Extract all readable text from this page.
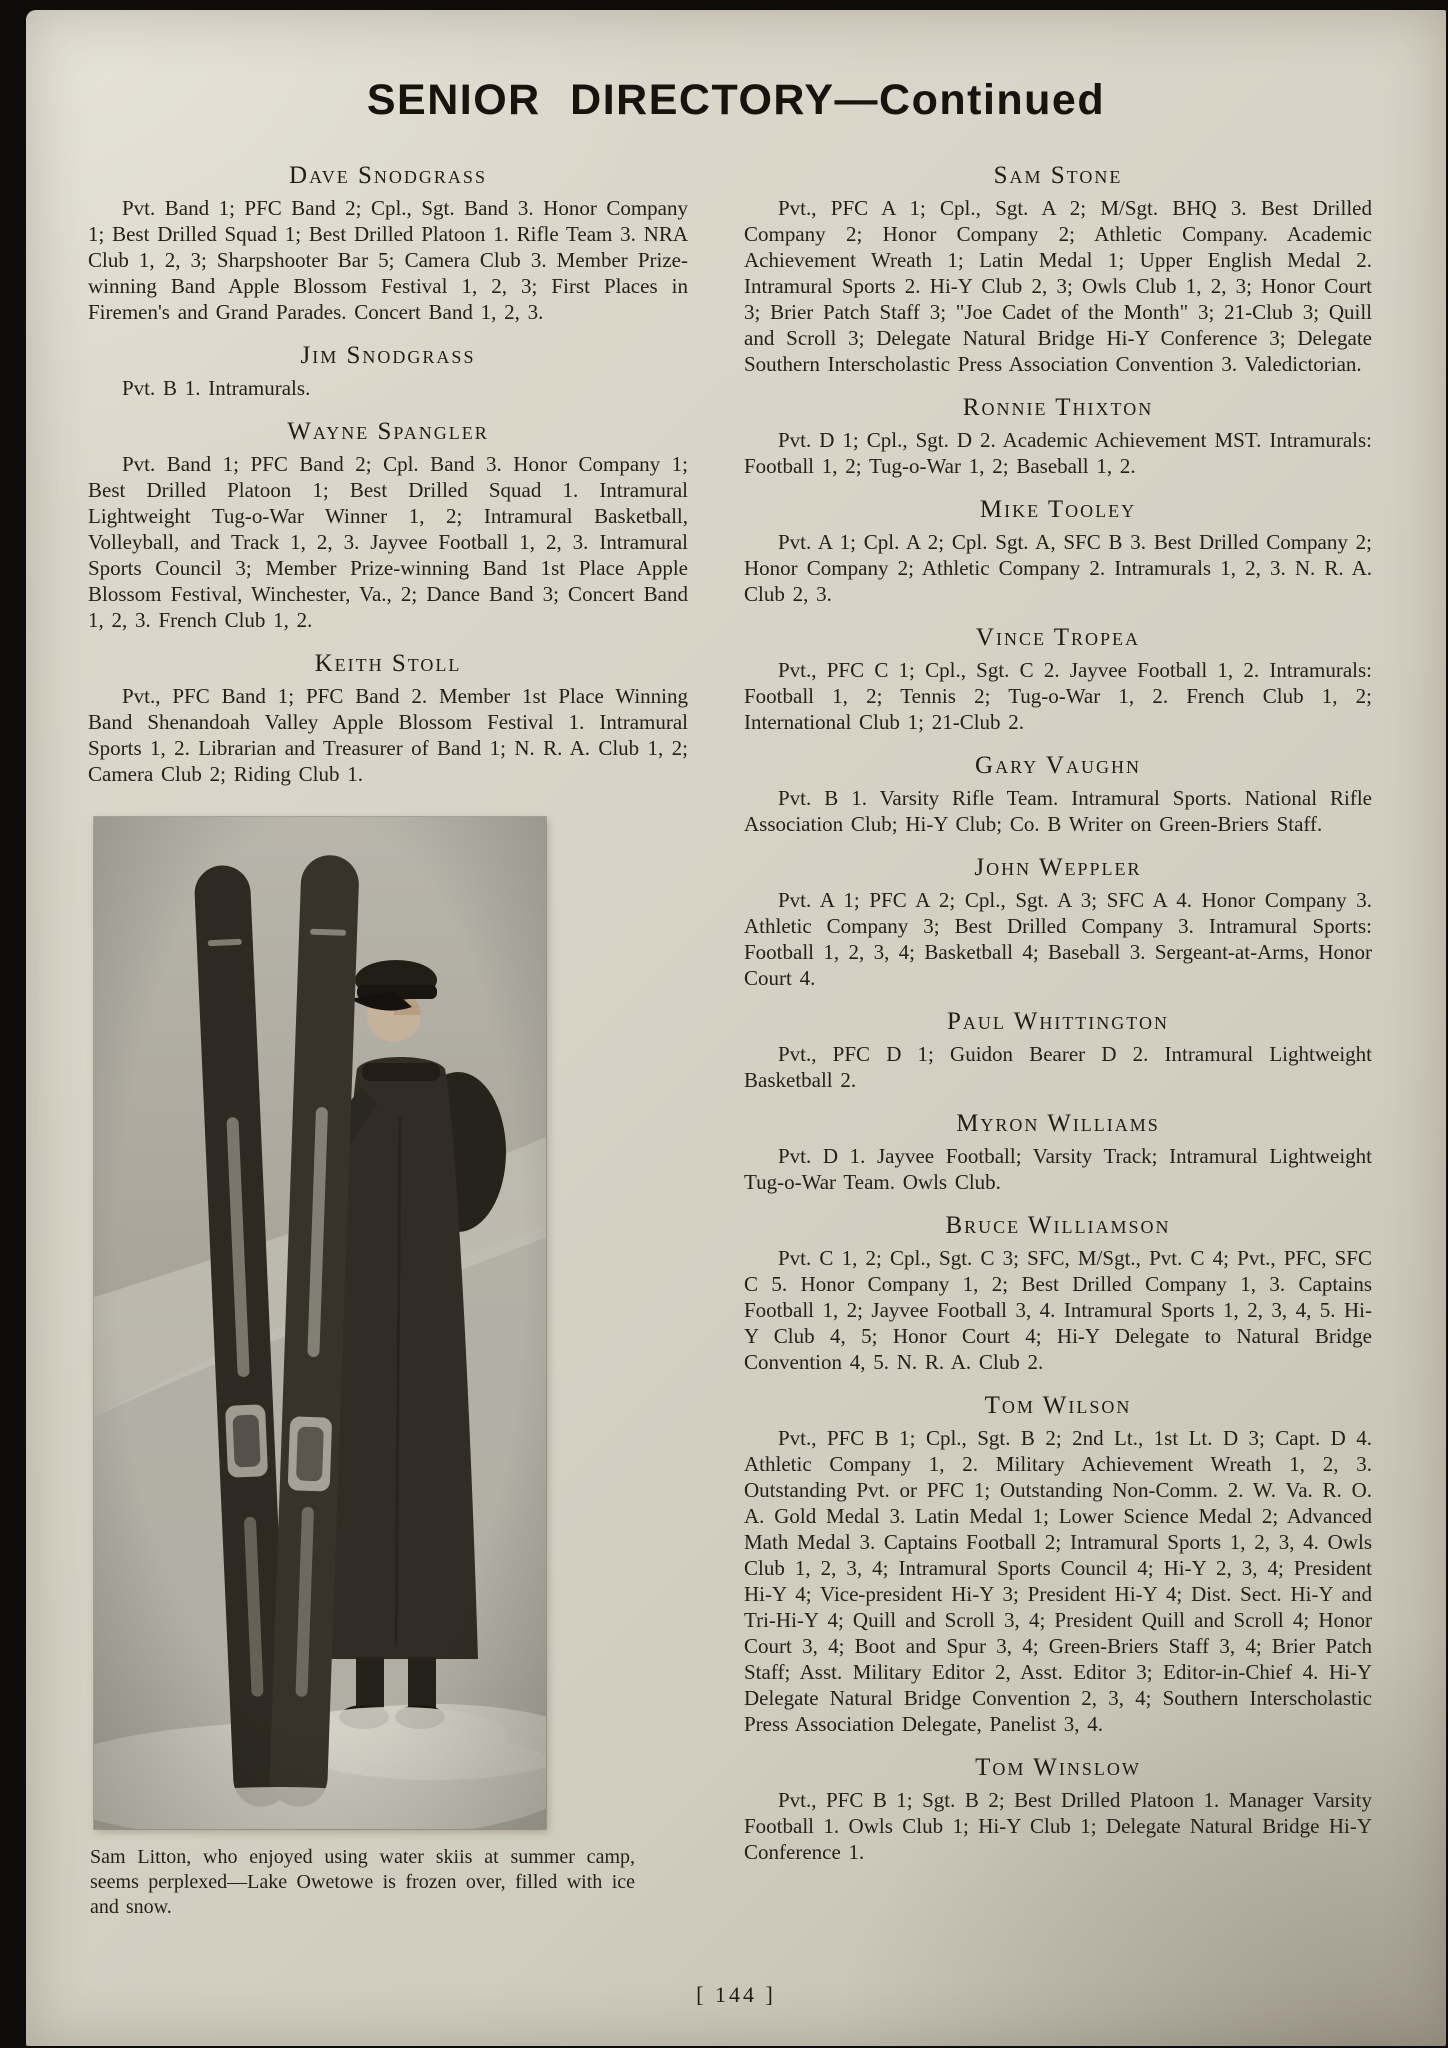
SENIOR DIRECTORY—Continued
Dave Snodgrass

Pvt. Band 1; PFC Band 2; Cpl., Sgt. Band 3. Honor Company 1; Best Drilled Squad 1; Best Drilled Platoon 1. Rifle Team 3. NRA Club 1, 2, 3; Sharpshooter Bar 5; Camera Club 3. Member Prize-winning Band Apple Blossom Festival 1, 2, 3; First Places in Firemen's and Grand Parades. Concert Band 1, 2, 3.

Jim Snodgrass

Pvt. B 1. Intramurals.

Wayne Spangler

Pvt. Band 1; PFC Band 2; Cpl. Band 3. Honor Company 1; Best Drilled Platoon 1; Best Drilled Squad 1. Intramural Lightweight Tug-o-War Winner 1, 2; Intramural Basketball, Volleyball, and Track 1, 2, 3. Jayvee Football 1, 2, 3. Intramural Sports Council 3; Member Prize-winning Band 1st Place Apple Blossom Festival, Winchester, Va., 2; Dance Band 3; Concert Band 1, 2, 3. French Club 1, 2.

Keith Stoll

Pvt., PFC Band 1; PFC Band 2. Member 1st Place Winning Band Shenandoah Valley Apple Blossom Festival 1. Intramural Sports 1, 2. Librarian and Treasurer of Band 1; N. R. A. Club 1, 2; Camera Club 2; Riding Club 1.

Sam Litton, who enjoyed using water skiis at summer camp, seems perplexed—Lake Owetowe is frozen over, filled with ice and snow.
Sam Stone

Pvt., PFC A 1; Cpl., Sgt. A 2; M/Sgt. BHQ 3. Best Drilled Company 2; Honor Company 2; Athletic Company. Academic Achievement Wreath 1; Latin Medal 1; Upper English Medal 2. Intramural Sports 2. Hi-Y Club 2, 3; Owls Club 1, 2, 3; Honor Court 3; Brier Patch Staff 3; "Joe Cadet of the Month" 3; 21-Club 3; Quill and Scroll 3; Delegate Natural Bridge Hi-Y Conference 3; Delegate Southern Interscholastic Press Association Convention 3. Valedictorian.

Ronnie Thixton

Pvt. D 1; Cpl., Sgt. D 2. Academic Achievement MST. Intramurals: Football 1, 2; Tug-o-War 1, 2; Baseball 1, 2.

Mike Tooley

Pvt. A 1; Cpl. A 2; Cpl. Sgt. A, SFC B 3. Best Drilled Company 2; Honor Company 2; Athletic Company 2. Intramurals 1, 2, 3. N. R. A. Club 2, 3.

Vince Tropea

Pvt., PFC C 1; Cpl., Sgt. C 2. Jayvee Football 1, 2. Intramurals: Football 1, 2; Tennis 2; Tug-o-War 1, 2. French Club 1, 2; International Club 1; 21-Club 2.

Gary Vaughn

Pvt. B 1. Varsity Rifle Team. Intramural Sports. National Rifle Association Club; Hi-Y Club; Co. B Writer on Green-Briers Staff.

John Weppler

Pvt. A 1; PFC A 2; Cpl., Sgt. A 3; SFC A 4. Honor Company 3. Athletic Company 3; Best Drilled Company 3. Intramural Sports: Football 1, 2, 3, 4; Basketball 4; Baseball 3. Sergeant-at-Arms, Honor Court 4.

Paul Whittington

Pvt., PFC D 1; Guidon Bearer D 2. Intramural Lightweight Basketball 2.

Myron Williams

Pvt. D 1. Jayvee Football; Varsity Track; Intramural Lightweight Tug-o-War Team. Owls Club.

Bruce Williamson

Pvt. C 1, 2; Cpl., Sgt. C 3; SFC, M/Sgt., Pvt. C 4; Pvt., PFC, SFC C 5. Honor Company 1, 2; Best Drilled Company 1, 3. Captains Football 1, 2; Jayvee Football 3, 4. Intramural Sports 1, 2, 3, 4, 5. Hi-Y Club 4, 5; Honor Court 4; Hi-Y Delegate to Natural Bridge Convention 4, 5. N. R. A. Club 2.

Tom Wilson

Pvt., PFC B 1; Cpl., Sgt. B 2; 2nd Lt., 1st Lt. D 3; Capt. D 4. Athletic Company 1, 2. Military Achievement Wreath 1, 2, 3. Outstanding Pvt. or PFC 1; Outstanding Non-Comm. 2. W. Va. R. O. A. Gold Medal 3. Latin Medal 1; Lower Science Medal 2; Advanced Math Medal 3. Captains Football 2; Intramural Sports 1, 2, 3, 4. Owls Club 1, 2, 3, 4; Intramural Sports Council 4; Hi-Y 2, 3, 4; President Hi-Y 4; Vice-president Hi-Y 3; President Hi-Y 4; Dist. Sect. Hi-Y and Tri-Hi-Y 4; Quill and Scroll 3, 4; President Quill and Scroll 4; Honor Court 3, 4; Boot and Spur 3, 4; Green-Briers Staff 3, 4; Brier Patch Staff; Asst. Military Editor 2, Asst. Editor 3; Editor-in-Chief 4. Hi-Y Delegate Natural Bridge Convention 2, 3, 4; Southern Interscholastic Press Association Delegate, Panelist 3, 4.

Tom Winslow

Pvt., PFC B 1; Sgt. B 2; Best Drilled Platoon 1. Manager Varsity Football 1. Owls Club 1; Hi-Y Club 1; Delegate Natural Bridge Hi-Y Conference 1.

[ 144 ]
